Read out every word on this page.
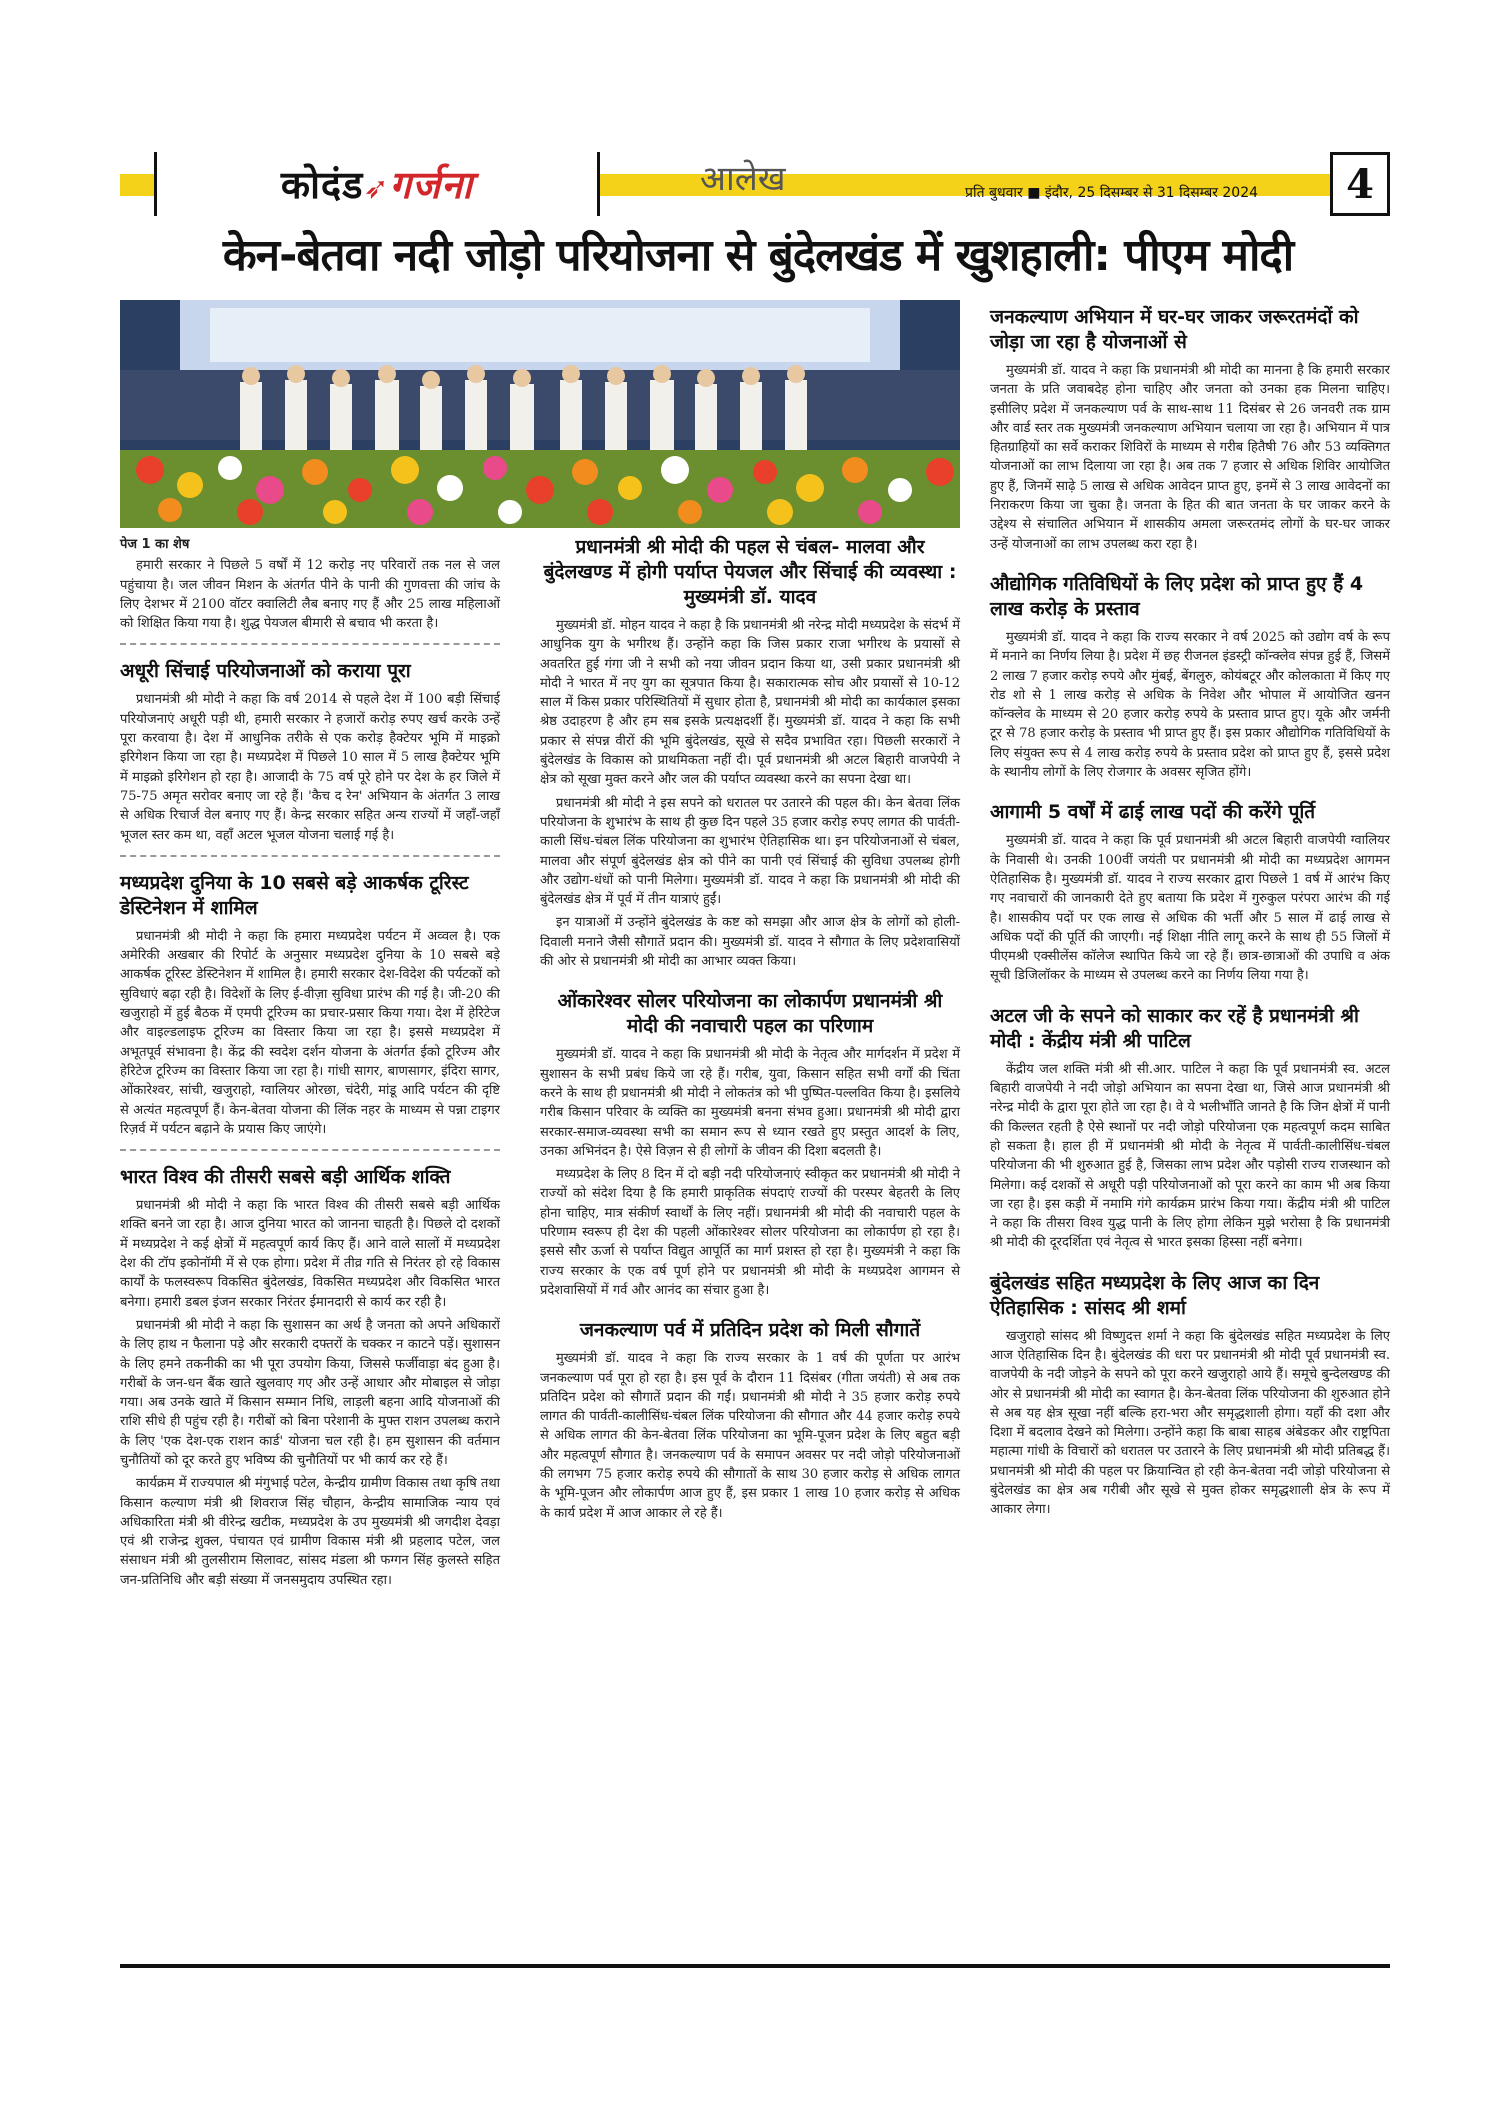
कोदंड➶गर्जना	आलेख	प्रति बुधवार ■ इंदौर, 25 दिसम्बर से 31 दिसम्बर 2024	4
केन-बेतवा नदी जोड़ो परियोजना से बुंदेलखंड में खुशहाली: पीएम मोदी
पेज 1 का शेष

हमारी सरकार ने पिछले 5 वर्षों में 12 करोड़ नए परिवारों तक नल से जल पहुंचाया है। जल जीवन मिशन के अंतर्गत पीने के पानी की गुणवत्ता की जांच के लिए देशभर में 2100 वॉटर क्वालिटी लैब बनाए गए हैं और 25 लाख महिलाओं को शिक्षित किया गया है। शुद्ध पेयजल बीमारी से बचाव भी करता है।

अधूरी सिंचाई परियोजनाओं को कराया पूरा

प्रधानमंत्री श्री मोदी ने कहा कि वर्ष 2014 से पहले देश में 100 बड़ी सिंचाई परियोजनाएं अधूरी पड़ी थी, हमारी सरकार ने हजारों करोड़ रुपए खर्च करके उन्हें पूरा करवाया है। देश में आधुनिक तरीके से एक करोड़ हैक्टेयर भूमि में माइक्रो इरिगेशन किया जा रहा है। मध्यप्रदेश में पिछले 10 साल में 5 लाख हैक्टेयर भूमि में माइक्रो इरिगेशन हो रहा है। आजादी के 75 वर्ष पूरे होने पर देश के हर जिले में 75-75 अमृत सरोवर बनाए जा रहे हैं। 'कैच द रेन' अभियान के अंतर्गत 3 लाख से अधिक रिचार्ज वेल बनाए गए हैं। केन्द्र सरकार सहित अन्य राज्यों में जहाँ-जहाँ भूजल स्तर कम था, वहाँ अटल भूजल योजना चलाई गई है।

मध्यप्रदेश दुनिया के 10 सबसे बड़े आकर्षक टूरिस्ट डेस्टिनेशन में शामिल

प्रधानमंत्री श्री मोदी ने कहा कि हमारा मध्यप्रदेश पर्यटन में अव्वल है। एक अमेरिकी अखबार की रिपोर्ट के अनुसार मध्यप्रदेश दुनिया के 10 सबसे बड़े आकर्षक टूरिस्ट डेस्टिनेशन में शामिल है। हमारी सरकार देश-विदेश की पर्यटकों को सुविधाएं बढ़ा रही है। विदेशों के लिए ई-वीज़ा सुविधा प्रारंभ की गई है। जी-20 की खजुराहो में हुई बैठक में एमपी टूरिज्म का प्रचार-प्रसार किया गया। देश में हेरिटेज और वाइल्डलाइफ टूरिज्म का विस्तार किया जा रहा है। इससे मध्यप्रदेश में अभूतपूर्व संभावना है। केंद्र की स्वदेश दर्शन योजना के अंतर्गत ईको टूरिज्म और हेरिटेज टूरिज्म का विस्तार किया जा रहा है। गांधी सागर, बाणसागर, इंदिरा सागर, ओंकारेश्वर, सांची, खजुराहो, ग्वालियर ओरछा, चंदेरी, मांडू आदि पर्यटन की दृष्टि से अत्यंत महत्वपूर्ण हैं। केन-बेतवा योजना की लिंक नहर के माध्यम से पन्ना टाइगर रिज़र्व में पर्यटन बढ़ाने के प्रयास किए जाएंगे।

भारत विश्व की तीसरी सबसे बड़ी आर्थिक शक्ति

प्रधानमंत्री श्री मोदी ने कहा कि भारत विश्व की तीसरी सबसे बड़ी आर्थिक शक्ति बनने जा रहा है। आज दुनिया भारत को जानना चाहती है। पिछले दो दशकों में मध्यप्रदेश ने कई क्षेत्रों में महत्वपूर्ण कार्य किए हैं। आने वाले सालों में मध्यप्रदेश देश की टॉप इकोनॉमी में से एक होगा। प्रदेश में तीव्र गति से निरंतर हो रहे विकास कार्यों के फलस्वरूप विकसित बुंदेलखंड, विकसित मध्यप्रदेश और विकसित भारत बनेगा। हमारी डबल इंजन सरकार निरंतर ईमानदारी से कार्य कर रही है।

प्रधानमंत्री श्री मोदी ने कहा कि सुशासन का अर्थ है जनता को अपने अधिकारों के लिए हाथ न फैलाना पड़े और सरकारी दफ्तरों के चक्कर न काटने पड़ें। सुशासन के लिए हमने तकनीकी का भी पूरा उपयोग किया, जिससे फर्जीवाड़ा बंद हुआ है। गरीबों के जन-धन बैंक खाते खुलवाए गए और उन्हें आधार और मोबाइल से जोड़ा गया। अब उनके खाते में किसान सम्मान निधि, लाड़ली बहना आदि योजनाओं की राशि सीधे ही पहुंच रही है। गरीबों को बिना परेशानी के मुफ्त राशन उपलब्ध कराने के लिए 'एक देश-एक राशन कार्ड' योजना चल रही है। हम सुशासन की वर्तमान चुनौतियों को दूर करते हुए भविष्य की चुनौतियों पर भी कार्य कर रहे हैं।

कार्यक्रम में राज्यपाल श्री मंगुभाई पटेल, केन्द्रीय ग्रामीण विकास तथा कृषि तथा किसान कल्याण मंत्री श्री शिवराज सिंह चौहान, केन्द्रीय सामाजिक न्याय एवं अधिकारिता मंत्री श्री वीरेन्द्र खटीक, मध्यप्रदेश के उप मुख्यमंत्री श्री जगदीश देवड़ा एवं श्री राजेन्द्र शुक्ल, पंचायत एवं ग्रामीण विकास मंत्री श्री प्रहलाद पटेल, जल संसाधन मंत्री श्री तुलसीराम सिलावट, सांसद मंडला श्री फग्गन सिंह कुलस्ते सहित जन-प्रतिनिधि और बड़ी संख्या में जनसमुदाय उपस्थित रहा।

प्रधानमंत्री श्री मोदी की पहल से चंबल- मालवा और बुंदेलखण्ड में होगी पर्याप्त पेयजल और सिंचाई की व्यवस्था : मुख्यमंत्री डॉ. यादव

मुख्यमंत्री डॉ. मोहन यादव ने कहा है कि प्रधानमंत्री श्री नरेन्द्र मोदी मध्यप्रदेश के संदर्भ में आधुनिक युग के भगीरथ हैं। उन्होंने कहा कि जिस प्रकार राजा भगीरथ के प्रयासों से अवतरित हुई गंगा जी ने सभी को नया जीवन प्रदान किया था, उसी प्रकार प्रधानमंत्री श्री मोदी ने भारत में नए युग का सूत्रपात किया है। सकारात्मक सोच और प्रयासों से 10-12 साल में किस प्रकार परिस्थितियों में सुधार होता है, प्रधानमंत्री श्री मोदी का कार्यकाल इसका श्रेष्ठ उदाहरण है और हम सब इसके प्रत्यक्षदर्शी हैं। मुख्यमंत्री डॉ. यादव ने कहा कि सभी प्रकार से संपन्न वीरों की भूमि बुंदेलखंड, सूखे से सदैव प्रभावित रहा। पिछली सरकारों ने बुंदेलखंड के विकास को प्राथमिकता नहीं दी। पूर्व प्रधानमंत्री श्री अटल बिहारी वाजपेयी ने क्षेत्र को सूखा मुक्त करने और जल की पर्याप्त व्यवस्था करने का सपना देखा था।

प्रधानमंत्री श्री मोदी ने इस सपने को धरातल पर उतारने की पहल की। केन बेतवा लिंक परियोजना के शुभारंभ के साथ ही कुछ दिन पहले 35 हजार करोड़ रुपए लागत की पार्वती-काली सिंध-चंबल लिंक परियोजना का शुभारंभ ऐतिहासिक था। इन परियोजनाओं से चंबल, मालवा और संपूर्ण बुंदेलखंड क्षेत्र को पीने का पानी एवं सिंचाई की सुविधा उपलब्ध होगी और उद्योग-धंधों को पानी मिलेगा। मुख्यमंत्री डॉ. यादव ने कहा कि प्रधानमंत्री श्री मोदी की बुंदेलखंड क्षेत्र में पूर्व में तीन यात्राएं हुईं।

इन यात्राओं में उन्होंने बुंदेलखंड के कष्ट को समझा और आज क्षेत्र के लोगों को होली-दिवाली मनाने जैसी सौगातें प्रदान की। मुख्यमंत्री डॉ. यादव ने सौगात के लिए प्रदेशवासियों की ओर से प्रधानमंत्री श्री मोदी का आभार व्यक्त किया।

ओंकारेश्वर सोलर परियोजना का लोकार्पण प्रधानमंत्री श्री मोदी की नवाचारी पहल का परिणाम

मुख्यमंत्री डॉ. यादव ने कहा कि प्रधानमंत्री श्री मोदी के नेतृत्व और मार्गदर्शन में प्रदेश में सुशासन के सभी प्रबंध किये जा रहे हैं। गरीब, युवा, किसान सहित सभी वर्गों की चिंता करने के साथ ही प्रधानमंत्री श्री मोदी ने लोकतंत्र को भी पुष्पित-पल्लवित किया है। इसलिये गरीब किसान परिवार के व्यक्ति का मुख्यमंत्री बनना संभव हुआ। प्रधानमंत्री श्री मोदी द्वारा सरकार-समाज-व्यवस्था सभी का समान रूप से ध्यान रखते हुए प्रस्तुत आदर्श के लिए, उनका अभिनंदन है। ऐसे विज़न से ही लोगों के जीवन की दिशा बदलती है।

मध्यप्रदेश के लिए 8 दिन में दो बड़ी नदी परियोजनाएं स्वीकृत कर प्रधानमंत्री श्री मोदी ने राज्यों को संदेश दिया है कि हमारी प्राकृतिक संपदाएं राज्यों की परस्पर बेहतरी के लिए होना चाहिए, मात्र संकीर्ण स्वार्थों के लिए नहीं। प्रधानमंत्री श्री मोदी की नवाचारी पहल के परिणाम स्वरूप ही देश की पहली ओंकारेश्वर सोलर परियोजना का लोकार्पण हो रहा है। इससे सौर ऊर्जा से पर्याप्त विद्युत आपूर्ति का मार्ग प्रशस्त हो रहा है। मुख्यमंत्री ने कहा कि राज्य सरकार के एक वर्ष पूर्ण होने पर प्रधानमंत्री श्री मोदी के मध्यप्रदेश आगमन से प्रदेशवासियों में गर्व और आनंद का संचार हुआ है।

जनकल्याण पर्व में प्रतिदिन प्रदेश को मिली सौगातें

मुख्यमंत्री डॉ. यादव ने कहा कि राज्य सरकार के 1 वर्ष की पूर्णता पर आरंभ जनकल्याण पर्व पूरा हो रहा है। इस पूर्व के दौरान 11 दिसंबर (गीता जयंती) से अब तक प्रतिदिन प्रदेश को सौगातें प्रदान की गईं। प्रधानमंत्री श्री मोदी ने 35 हजार करोड़ रुपये लागत की पार्वती-कालीसिंध-चंबल लिंक परियोजना की सौगात और 44 हजार करोड़ रुपये से अधिक लागत की केन-बेतवा लिंक परियोजना का भूमि-पूजन प्रदेश के लिए बहुत बड़ी और महत्वपूर्ण सौगात है। जनकल्याण पर्व के समापन अवसर पर नदी जोड़ो परियोजनाओं की लगभग 75 हजार करोड़ रुपये की सौगातों के साथ 30 हजार करोड़ से अधिक लागत के भूमि-पूजन और लोकार्पण आज हुए हैं, इस प्रकार 1 लाख 10 हजार करोड़ से अधिक के कार्य प्रदेश में आज आकार ले रहे हैं।

जनकल्याण अभियान में घर-घर जाकर जरूरतमंदों को जोड़ा जा रहा है योजनाओं से

मुख्यमंत्री डॉ. यादव ने कहा कि प्रधानमंत्री श्री मोदी का मानना है कि हमारी सरकार जनता के प्रति जवाबदेह होना चाहिए और जनता को उनका हक मिलना चाहिए। इसीलिए प्रदेश में जनकल्याण पर्व के साथ-साथ 11 दिसंबर से 26 जनवरी तक ग्राम और वार्ड स्तर तक मुख्यमंत्री जनकल्याण अभियान चलाया जा रहा है। अभियान में पात्र हितग्राहियों का सर्वे कराकर शिविरों के माध्यम से गरीब हितैषी 76 और 53 व्यक्तिगत योजनाओं का लाभ दिलाया जा रहा है। अब तक 7 हजार से अधिक शिविर आयोजित हुए हैं, जिनमें साढ़े 5 लाख से अधिक आवेदन प्राप्त हुए, इनमें से 3 लाख आवेदनों का निराकरण किया जा चुका है। जनता के हित की बात जनता के घर जाकर करने के उद्देश्य से संचालित अभियान में शासकीय अमला जरूरतमंद लोगों के घर-घर जाकर उन्हें योजनाओं का लाभ उपलब्ध करा रहा है।

औद्योगिक गतिविधियों के लिए प्रदेश को प्राप्त हुए हैं 4 लाख करोड़ के प्रस्ताव

मुख्यमंत्री डॉ. यादव ने कहा कि राज्य सरकार ने वर्ष 2025 को उद्योग वर्ष के रूप में मनाने का निर्णय लिया है। प्रदेश में छह रीजनल इंडस्ट्री कॉन्क्लेव संपन्न हुई हैं, जिसमें 2 लाख 7 हजार करोड़ रुपये और मुंबई, बेंगलुरु, कोयंबटूर और कोलकाता में किए गए रोड शो से 1 लाख करोड़ से अधिक के निवेश और भोपाल में आयोजित खनन कॉन्क्लेव के माध्यम से 20 हजार करोड़ रुपये के प्रस्ताव प्राप्त हुए। यूके और जर्मनी टूर से 78 हजार करोड़ के प्रस्ताव भी प्राप्त हुए हैं। इस प्रकार औद्योगिक गतिविधियों के लिए संयुक्त रूप से 4 लाख करोड़ रुपये के प्रस्ताव प्रदेश को प्राप्त हुए हैं, इससे प्रदेश के स्थानीय लोगों के लिए रोजगार के अवसर सृजित होंगे।

आगामी 5 वर्षों में ढाई लाख पदों की करेंगे पूर्ति

मुख्यमंत्री डॉ. यादव ने कहा कि पूर्व प्रधानमंत्री श्री अटल बिहारी वाजपेयी ग्वालियर के निवासी थे। उनकी 100वीं जयंती पर प्रधानमंत्री श्री मोदी का मध्यप्रदेश आगमन ऐतिहासिक है। मुख्यमंत्री डॉ. यादव ने राज्य सरकार द्वारा पिछले 1 वर्ष में आरंभ किए गए नवाचारों की जानकारी देते हुए बताया कि प्रदेश में गुरुकुल परंपरा आरंभ की गई है। शासकीय पदों पर एक लाख से अधिक की भर्ती और 5 साल में ढाई लाख से अधिक पदों की पूर्ति की जाएगी। नई शिक्षा नीति लागू करने के साथ ही 55 जिलों में पीएमश्री एक्सीलेंस कॉलेज स्थापित किये जा रहे हैं। छात्र-छात्राओं की उपाधि व अंक सूची डिजिलॉकर के माध्यम से उपलब्ध करने का निर्णय लिया गया है।

अटल जी के सपने को साकार कर रहें है प्रधानमंत्री श्री मोदी : केंद्रीय मंत्री श्री पाटिल

केंद्रीय जल शक्ति मंत्री श्री सी.आर. पाटिल ने कहा कि पूर्व प्रधानमंत्री स्व. अटल बिहारी वाजपेयी ने नदी जोड़ो अभियान का सपना देखा था, जिसे आज प्रधानमंत्री श्री नरेन्द्र मोदी के द्वारा पूरा होते जा रहा है। वे ये भलीभाँति जानते है कि जिन क्षेत्रों में पानी की किल्लत रहती है ऐसे स्थानों पर नदी जोड़ो परियोजना एक महत्वपूर्ण कदम साबित हो सकता है। हाल ही में प्रधानमंत्री श्री मोदी के नेतृत्व में पार्वती-कालीसिंध-चंबल परियोजना की भी शुरुआत हुई है, जिसका लाभ प्रदेश और पड़ोसी राज्य राजस्थान को मिलेगा। कई दशकों से अधूरी पड़ी परियोजनाओं को पूरा करने का काम भी अब किया जा रहा है। इस कड़ी में नमामि गंगे कार्यक्रम प्रारंभ किया गया। केंद्रीय मंत्री श्री पाटिल ने कहा कि तीसरा विश्व युद्ध पानी के लिए होगा लेकिन मुझे भरोसा है कि प्रधानमंत्री श्री मोदी की दूरदर्शिता एवं नेतृत्व से भारत इसका हिस्सा नहीं बनेगा।

बुंदेलखंड सहित मध्यप्रदेश के लिए आज का दिन ऐतिहासिक : सांसद श्री शर्मा

खजुराहो सांसद श्री विष्णुदत्त शर्मा ने कहा कि बुंदेलखंड सहित मध्यप्रदेश के लिए आज ऐतिहासिक दिन है। बुंदेलखंड की धरा पर प्रधानमंत्री श्री मोदी पूर्व प्रधानमंत्री स्व. वाजपेयी के नदी जोड़ने के सपने को पूरा करने खजुराहो आये हैं। समूचे बुन्देलखण्ड की ओर से प्रधानमंत्री श्री मोदी का स्वागत है। केन-बेतवा लिंक परियोजना की शुरुआत होने से अब यह क्षेत्र सूखा नहीं बल्कि हरा-भरा और समृद्धशाली होगा। यहाँ की दशा और दिशा में बदलाव देखने को मिलेगा। उन्होंने कहा कि बाबा साहब अंबेडकर और राष्ट्रपिता महात्मा गांधी के विचारों को धरातल पर उतारने के लिए प्रधानमंत्री श्री मोदी प्रतिबद्ध हैं। प्रधानमंत्री श्री मोदी की पहल पर क्रियान्वित हो रही केन-बेतवा नदी जोड़ो परियोजना से बुंदेलखंड का क्षेत्र अब गरीबी और सूखे से मुक्त होकर समृद्धशाली क्षेत्र के रूप में आकार लेगा।
